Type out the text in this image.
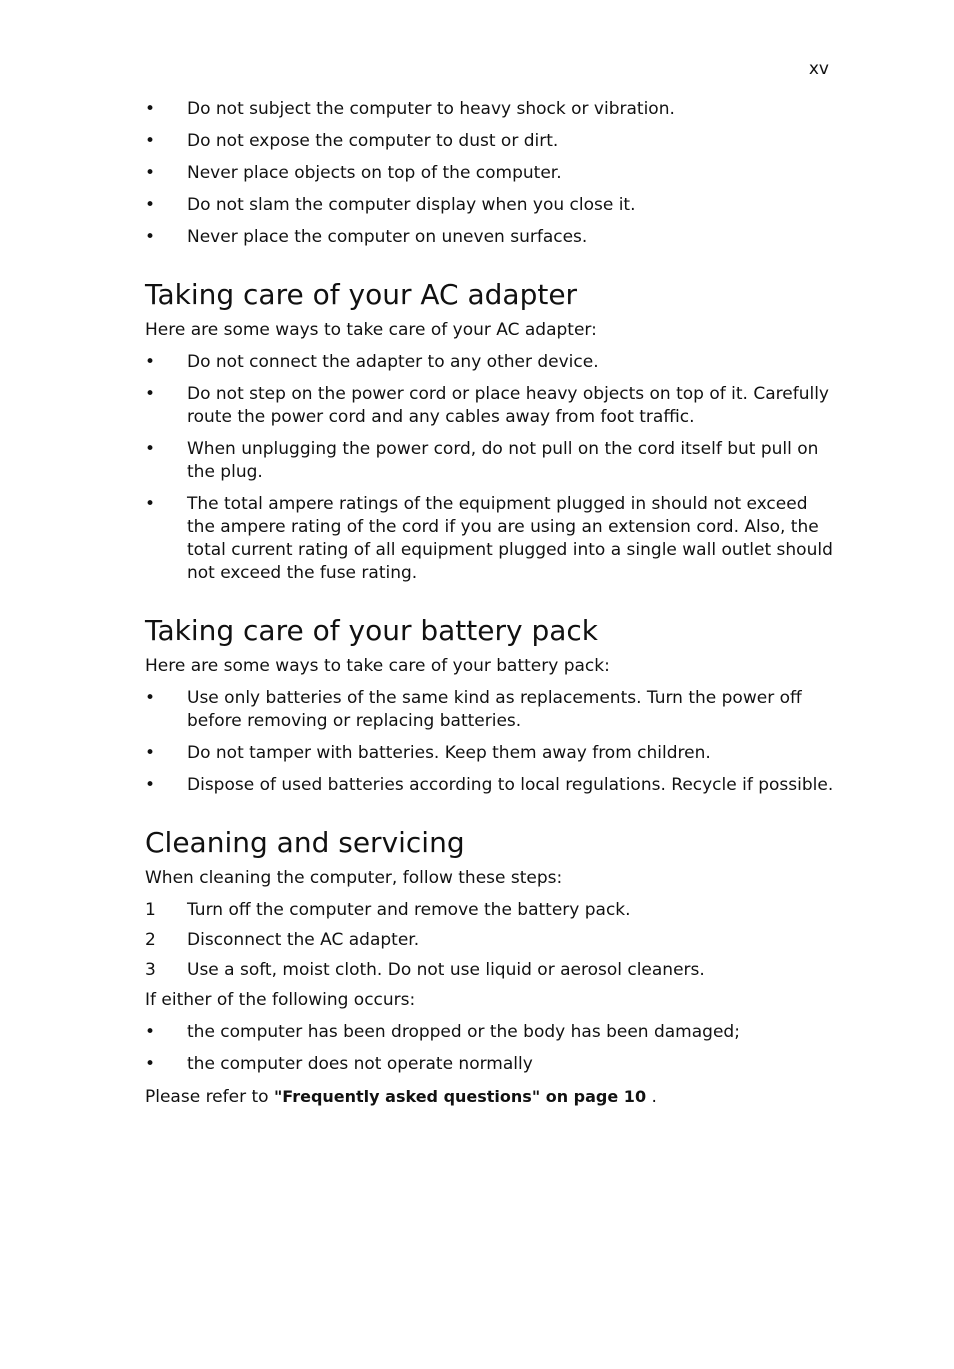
xv
•	Do not subject the computer to heavy shock or vibration.
•	Do not expose the computer to dust or dirt.
•	Never place objects on top of the computer.
•	Do not slam the computer display when you close it.
•	Never place the computer on uneven surfaces.
Taking care of your AC adapter

Here are some ways to take care of your AC adapter:

•	Do not connect the adapter to any other device.
•	Do not step on the power cord or place heavy objects on top of it. Carefully route the power cord and any cables away from foot traffic.
•	When unplugging the power cord, do not pull on the cord itself but pull on the plug.
•	The total ampere ratings of the equipment plugged in should not exceed the ampere rating of the cord if you are using an extension cord. Also, the total current rating of all equipment plugged into a single wall outlet should not exceed the fuse rating.
Taking care of your battery pack

Here are some ways to take care of your battery pack:

•	Use only batteries of the same kind as replacements. Turn the power off before removing or replacing batteries.
•	Do not tamper with batteries. Keep them away from children.
•	Dispose of used batteries according to local regulations. Recycle if possible.
Cleaning and servicing

When cleaning the computer, follow these steps:

1	Turn off the computer and remove the battery pack.
2	Disconnect the AC adapter.
3	Use a soft, moist cloth. Do not use liquid or aerosol cleaners.

If either of the following occurs:

•	the computer has been dropped or the body has been damaged;
•	the computer does not operate normally

Please refer to "Frequently asked questions" on page 10 .
